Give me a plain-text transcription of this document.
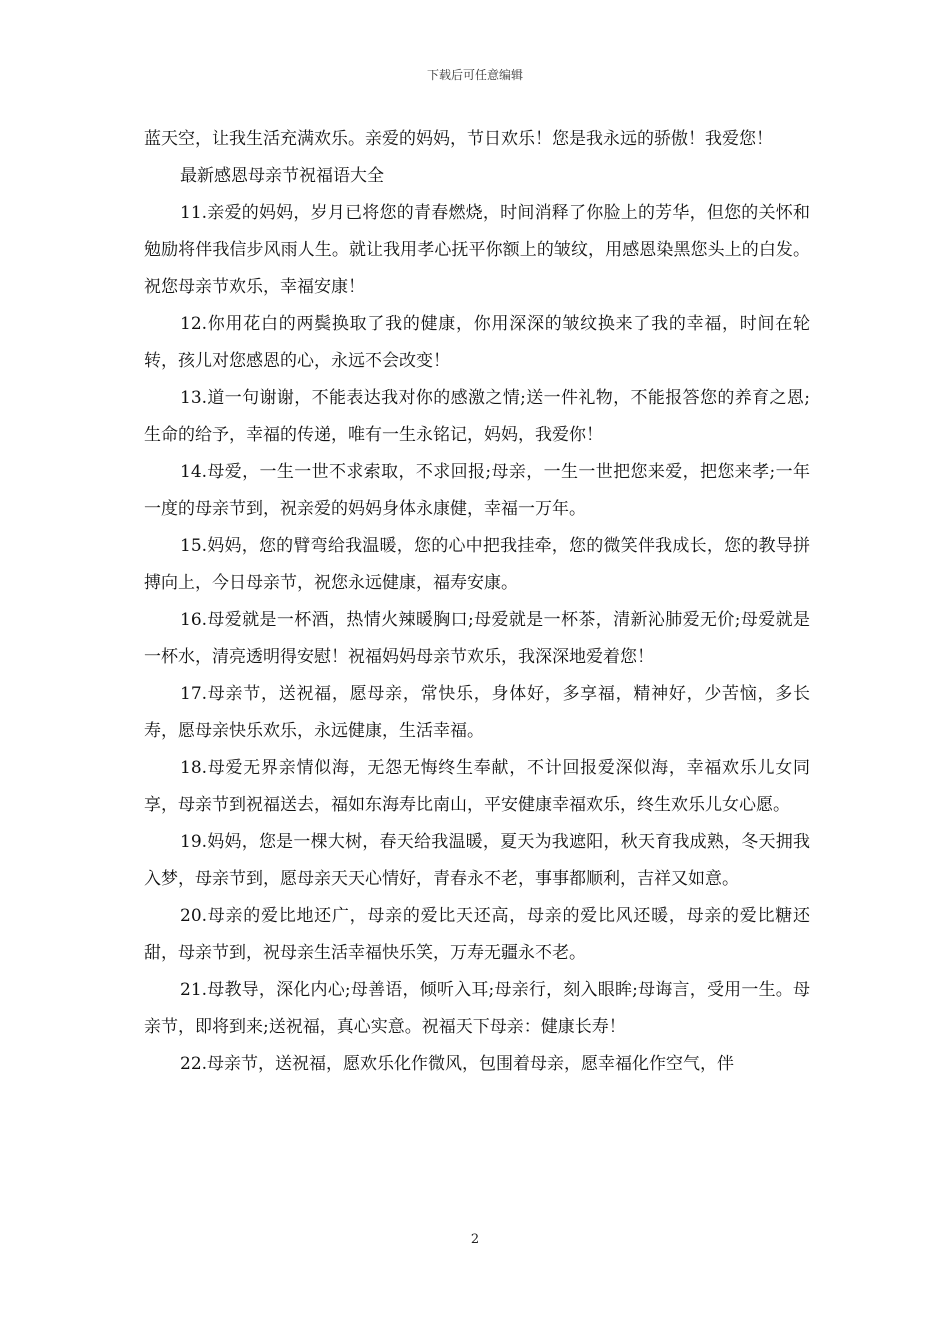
下载后可任意编辑

蓝天空，让我生活充满欢乐。亲爱的妈妈，节日欢乐！您是我永远的骄傲！我爱您！

最新感恩母亲节祝福语大全

11.亲爱的妈妈，岁月已将您的青春燃烧，时间消释了你脸上的芳华，但您的关怀和勉励将伴我信步风雨人生。就让我用孝心抚平你额上的皱纹，用感恩染黑您头上的白发。祝您母亲节欢乐，幸福安康！

12.你用花白的两鬓换取了我的健康，你用深深的皱纹换来了我的幸福，时间在轮转，孩儿对您感恩的心，永远不会改变！

13.道一句谢谢，不能表达我对你的感激之情;送一件礼物，不能报答您的养育之恩;生命的给予，幸福的传递，唯有一生永铭记，妈妈，我爱你！

14.母爱，一生一世不求索取，不求回报;母亲，一生一世把您来爱，把您来孝;一年一度的母亲节到，祝亲爱的妈妈身体永康健，幸福一万年。

15.妈妈，您的臂弯给我温暖，您的心中把我挂牵，您的微笑伴我成长，您的教导拼搏向上，今日母亲节，祝您永远健康，福寿安康。

16.母爱就是一杯酒，热情火辣暖胸口;母爱就是一杯茶，清新沁肺爱无价;母爱就是一杯水，清亮透明得安慰！祝福妈妈母亲节欢乐，我深深地爱着您！

17.母亲节，送祝福，愿母亲，常快乐，身体好，多享福，精神好，少苦恼，多长寿，愿母亲快乐欢乐，永远健康，生活幸福。

18.母爱无界亲情似海，无怨无悔终生奉献，不计回报爱深似海，幸福欢乐儿女同享，母亲节到祝福送去，福如东海寿比南山，平安健康幸福欢乐，终生欢乐儿女心愿。

19.妈妈，您是一棵大树，春天给我温暖，夏天为我遮阳，秋天育我成熟，冬天拥我入梦，母亲节到，愿母亲天天心情好，青春永不老，事事都顺利，吉祥又如意。

20.母亲的爱比地还广，母亲的爱比天还高，母亲的爱比风还暖，母亲的爱比糖还甜，母亲节到，祝母亲生活幸福快乐笑，万寿无疆永不老。

21.母教导，深化内心;母善语，倾听入耳;母亲行，刻入眼眸;母诲言，受用一生。母亲节，即将到来;送祝福，真心实意。祝福天下母亲：健康长寿！

22.母亲节，送祝福，愿欢乐化作微风，包围着母亲，愿幸福化作空气，伴

2
